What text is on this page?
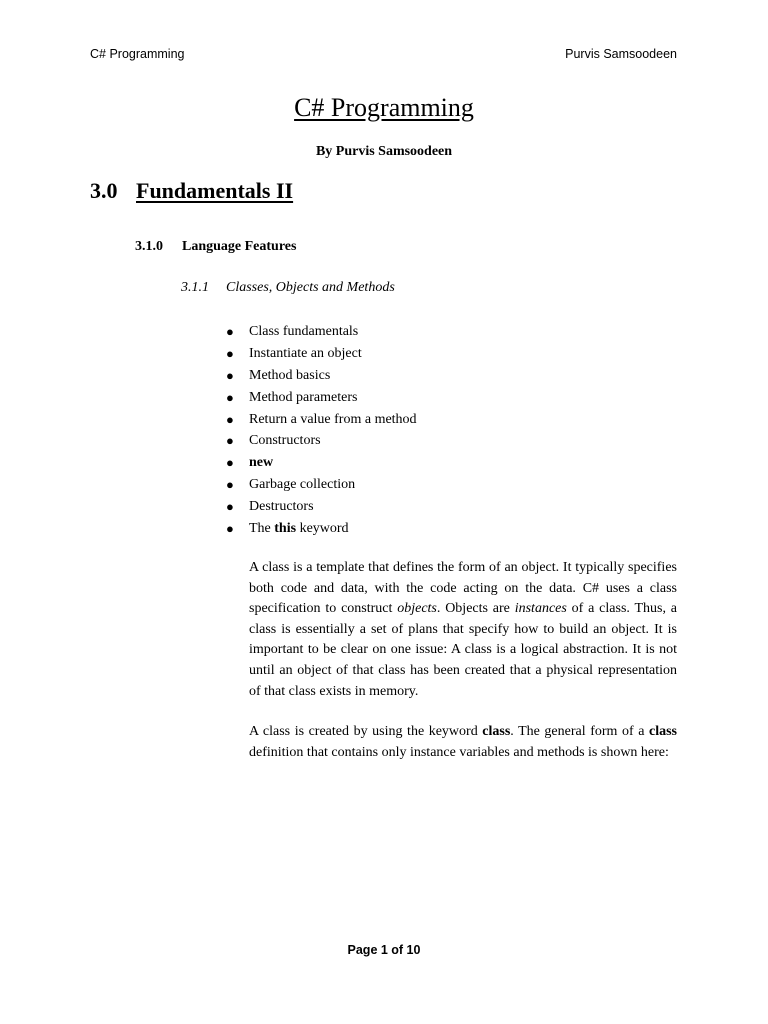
C# Programming	Purvis Samsoodeen
C# Programming
By Purvis Samsoodeen
3.0 Fundamentals II
3.1.0 Language Features
3.1.1 Classes, Objects and Methods
● Class fundamentals
● Instantiate an object
● Method basics
● Method parameters
● Return a value from a method
● Constructors
● new
● Garbage collection
● Destructors
● The this keyword

A class is a template that defines the form of an object. It typically specifies both code and data, with the code acting on the data. C# uses a class specification to construct objects. Objects are instances of a class. Thus, a class is essentially a set of plans that specify how to build an object. It is important to be clear on one issue: A class is a logical abstraction. It is not until an object of that class has been created that a physical representation of that class exists in memory.

A class is created by using the keyword class. The general form of a class definition that contains only instance variables and methods is shown here:

Page 1 of 10
